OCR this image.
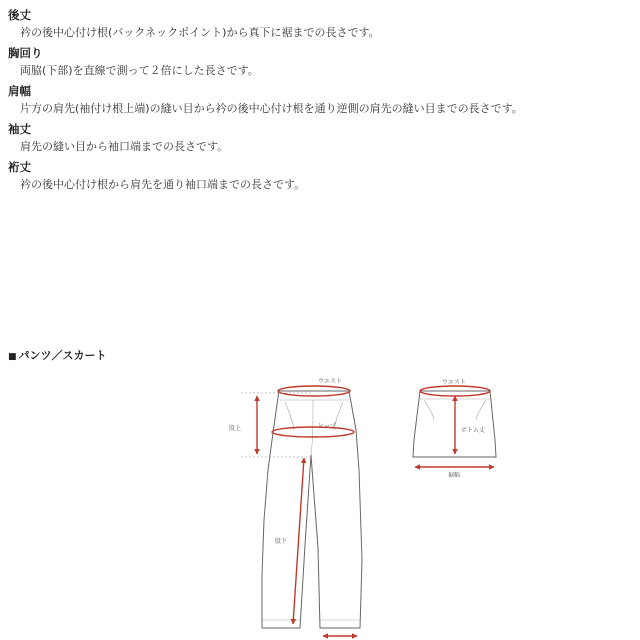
後丈
衿の後中心付け根(バックネックポイント)から真下に裾までの長さです。
胸回り
両脇(下部)を直線で測って２倍にした長さです。
肩幅
片方の肩先(袖付け根上端)の縫い目から衿の後中心付け根を通り逆側の肩先の縫い目までの長さです。
袖丈
肩先の縫い目から袖口端までの長さです。
裄丈
衿の後中心付け根から肩先を通り袖口端までの長さです。
■ パンツ／スカート
ウエスト
ヒップ
股上
股下
ウエスト
ボトム丈
裾幅
